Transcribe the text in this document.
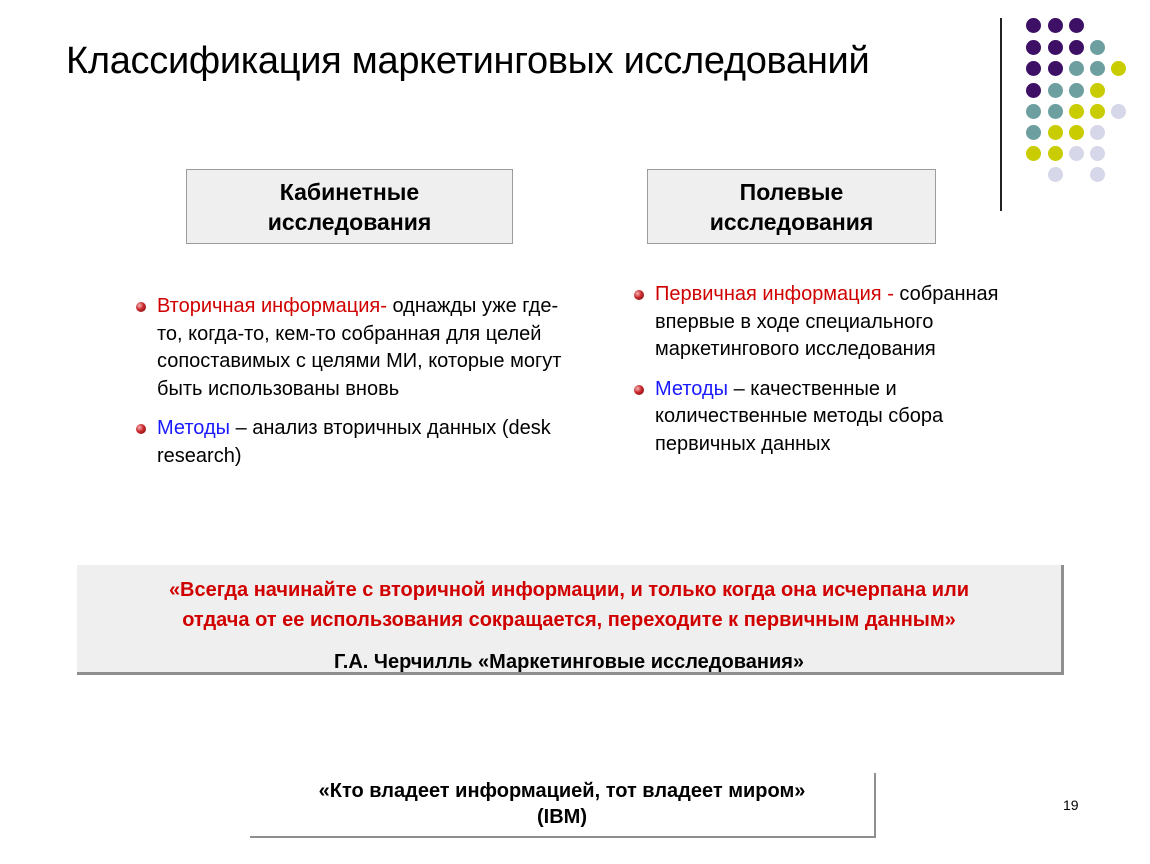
Классификация маркетинговых исследований
Кабинетные
исследования
Полевые
исследования
Вторичная информация- однажды уже где-то, когда-то, кем-то собранная для целей сопоставимых с целями МИ, которые могут быть использованы вновь
Методы – анализ вторичных данных (desk research)
Первичная информация - собранная впервые в ходе специального маркетингового исследования
Методы – качественные и количественные методы сбора первичных данных
«Всегда начинайте с вторичной информации, и только когда она исчерпана или
отдача от ее использования сокращается, переходите к первичным данным»
Г.А. Черчилль «Маркетинговые исследования»
«Кто владеет информацией, тот владеет миром»
(IBM)
19
